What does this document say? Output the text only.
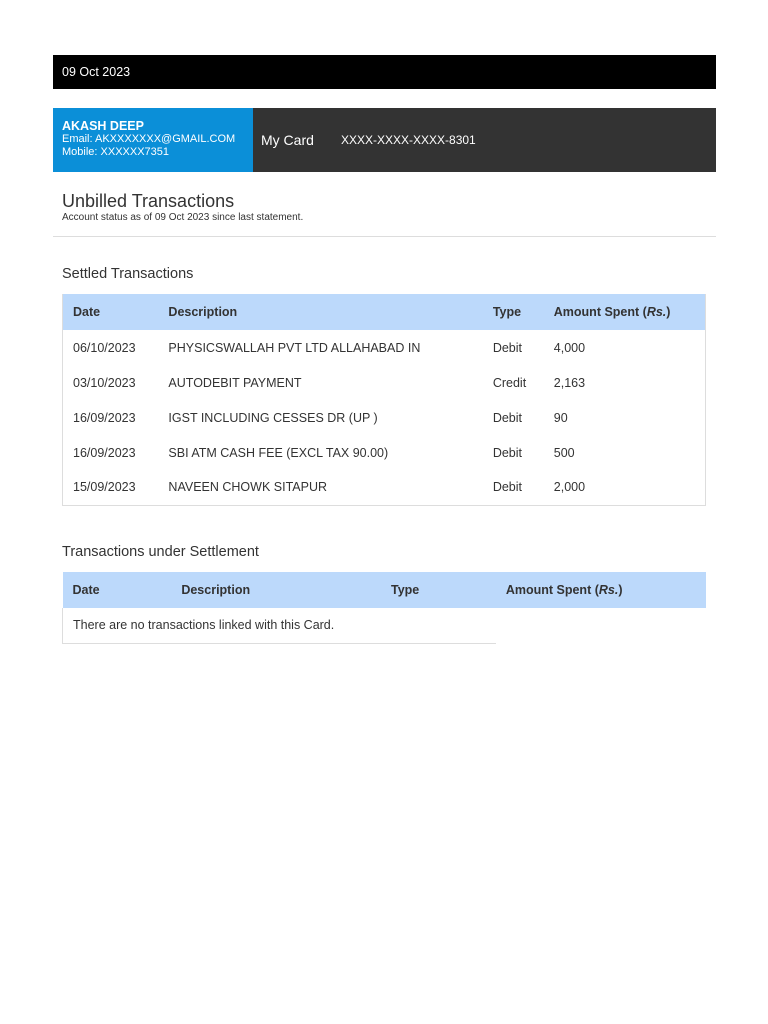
09 Oct 2023
AKASH DEEP
Email: AKXXXXXXX@GMAIL.COM
Mobile: XXXXXX7351
My Card	XXXX-XXXX-XXXX-8301
Unbilled Transactions
Account status as of 09 Oct 2023 since last statement.
Settled Transactions
Date	Description	Type	Amount Spent (Rs.)
06/10/2023	PHYSICSWALLAH PVT LTD ALLAHABAD IN	Debit	4,000
03/10/2023	AUTODEBIT PAYMENT	Credit	2,163
16/09/2023	IGST INCLUDING CESSES DR (UP )	Debit	90
16/09/2023	SBI ATM CASH FEE (EXCL TAX 90.00)	Debit	500
15/09/2023	NAVEEN CHOWK SITAPUR	Debit	2,000
Transactions under Settlement
Date	Description	Type	Amount Spent (Rs.)
There are no transactions linked with this Card.			
